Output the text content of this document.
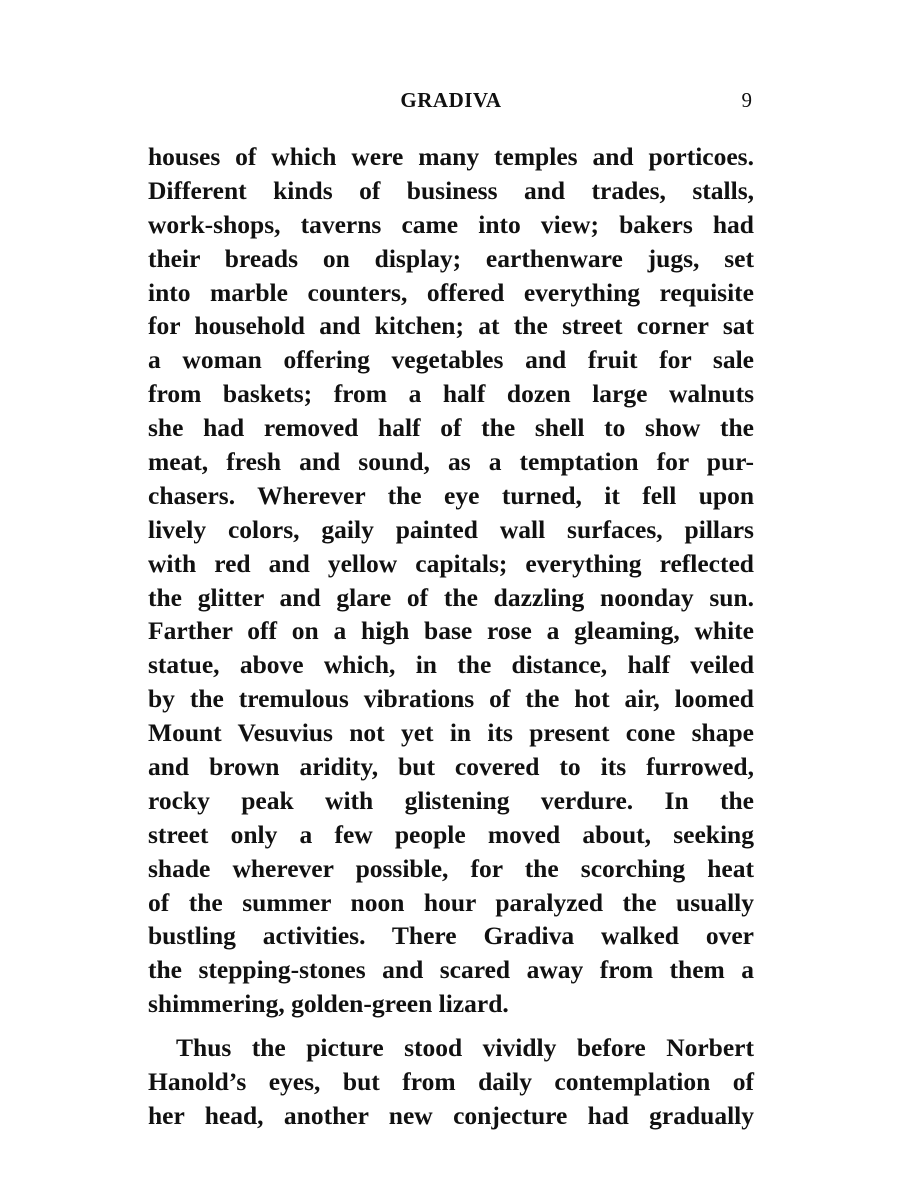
GRADIVA	9
houses of which were many temples and porticoes.
Different kinds of business and trades, stalls,
work-shops, taverns came into view; bakers had
their breads on display; earthenware jugs, set
into marble counters, offered everything requisite
for household and kitchen; at the street corner sat
a woman offering vegetables and fruit for sale
from baskets; from a half dozen large walnuts
she had removed half of the shell to show the
meat, fresh and sound, as a temptation for pur-
chasers. Wherever the eye turned, it fell upon
lively colors, gaily painted wall surfaces, pillars
with red and yellow capitals; everything reflected
the glitter and glare of the dazzling noonday sun.
Farther off on a high base rose a gleaming, white
statue, above which, in the distance, half veiled
by the tremulous vibrations of the hot air, loomed
Mount Vesuvius not yet in its present cone shape
and brown aridity, but covered to its furrowed,
rocky peak with glistening verdure. In the
street only a few people moved about, seeking
shade wherever possible, for the scorching heat
of the summer noon hour paralyzed the usually
bustling activities. There Gradiva walked over
the stepping-stones and scared away from them a
shimmering, golden-green lizard.
Thus the picture stood vividly before Norbert
Hanold’s eyes, but from daily contemplation of
her head, another new conjecture had gradually
